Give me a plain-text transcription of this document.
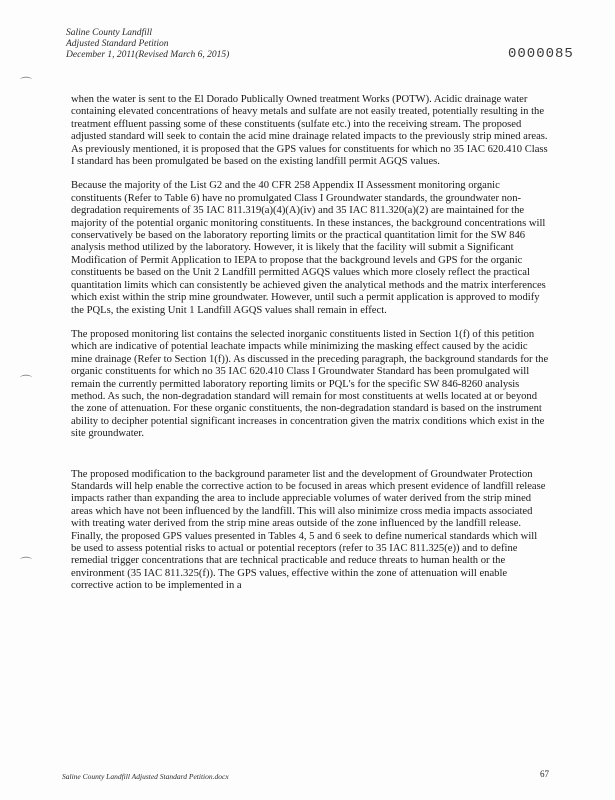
Saline County Landfill
Adjusted Standard Petition
December 1, 2011(Revised March 6, 2015)	0000085
⌒
⌒
⌒

when the water is sent to the El Dorado Publically Owned treatment Works (POTW). Acidic drainage water containing elevated concentrations of heavy metals and sulfate are not easily treated, potentially resulting in the treatment effluent passing some of these constituents (sulfate etc.) into the receiving stream. The proposed adjusted standard will seek to contain the acid mine drainage related impacts to the previously strip mined areas. As previously mentioned, it is proposed that the GPS values for constituents for which no 35 IAC 620.410 Class I standard has been promulgated be based on the existing landfill permit AGQS values.

Because the majority of the List G2 and the 40 CFR 258 Appendix II Assessment monitoring organic constituents (Refer to Table 6) have no promulgated Class I Groundwater standards, the groundwater non-degradation requirements of 35 IAC 811.319(a)(4)(A)(iv) and 35 IAC 811.320(a)(2) are maintained for the majority of the potential organic monitoring constituents. In these instances, the background concentrations will conservatively be based on the laboratory reporting limits or the practical quantitation limit for the SW 846 analysis method utilized by the laboratory. However, it is likely that the facility will submit a Significant Modification of Permit Application to IEPA to propose that the background levels and GPS for the organic constituents be based on the Unit 2 Landfill permitted AGQS values which more closely reflect the practical quantitation limits which can consistently be achieved given the analytical methods and the matrix interferences which exist within the strip mine groundwater. However, until such a permit application is approved to modify the PQLs, the existing Unit 1 Landfill AGQS values shall remain in effect.

The proposed monitoring list contains the selected inorganic constituents listed in Section 1(f) of this petition which are indicative of potential leachate impacts while minimizing the masking effect caused by the acidic mine drainage (Refer to Section 1(f)). As discussed in the preceding paragraph, the background standards for the organic constituents for which no 35 IAC 620.410 Class I Groundwater Standard has been promulgated will remain the currently permitted laboratory reporting limits or PQL's for the specific SW 846-8260 analysis method. As such, the non-degradation standard will remain for most constituents at wells located at or beyond the zone of attenuation. For these organic constituents, the non-degradation standard is based on the instrument ability to decipher potential significant increases in concentration given the matrix conditions which exist in the site groundwater.

The proposed modification to the background parameter list and the development of Groundwater Protection Standards will help enable the corrective action to be focused in areas which present evidence of landfill release impacts rather than expanding the area to include appreciable volumes of water derived from the strip mined areas which have not been influenced by the landfill. This will also minimize cross media impacts associated with treating water derived from the strip mine areas outside of the zone influenced by the landfill release. Finally, the proposed GPS values presented in Tables 4, 5 and 6 seek to define numerical standards which will be used to assess potential risks to actual or potential receptors (refer to 35 IAC 811.325(e)) and to define remedial trigger concentrations that are technical practicable and reduce threats to human health or the environment (35 IAC 811.325(f)). The GPS values, effective within the zone of attenuation will enable corrective action to be implemented in a

Saline County Landfill Adjusted Standard Petition.docx	67
